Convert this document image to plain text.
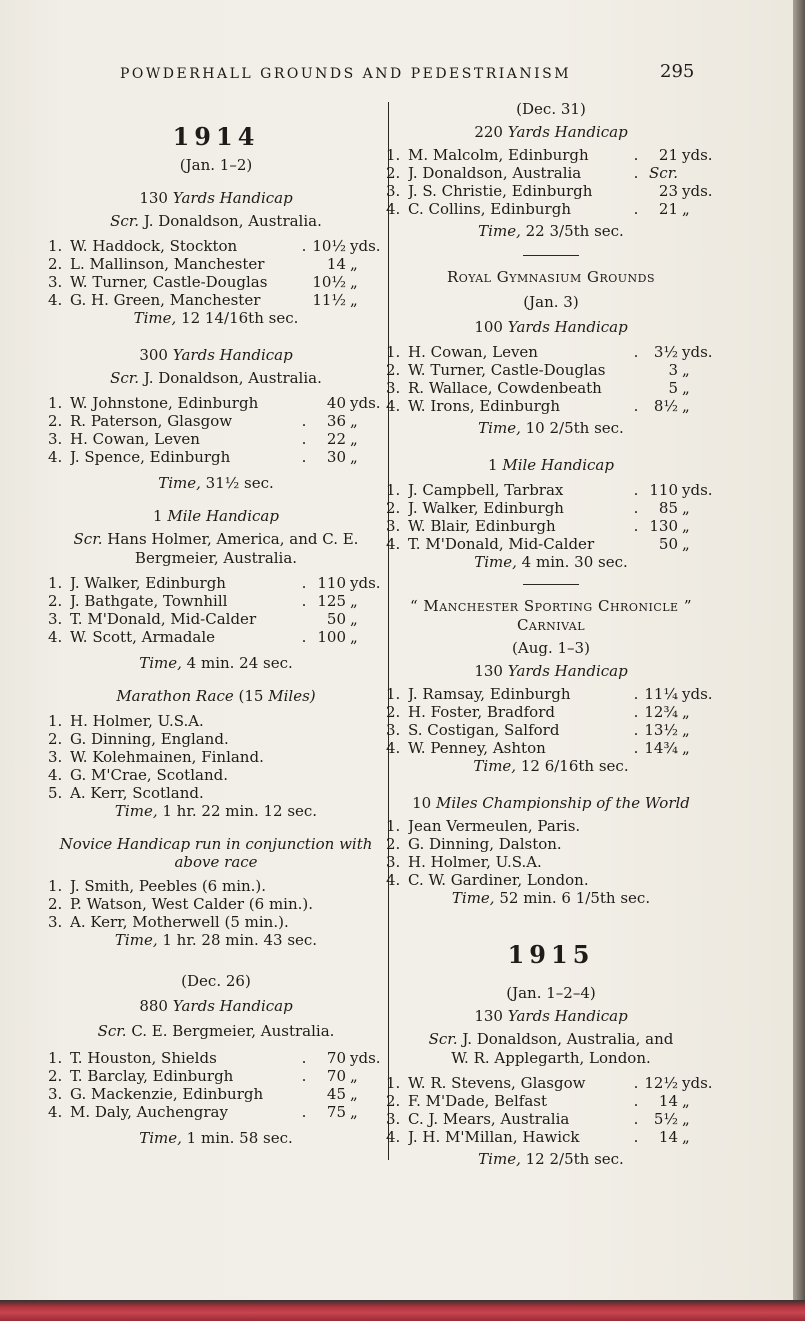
POWDERHALL GROUNDS AND PEDESTRIANISM	295
1914
(Jan. 1–2)
130 Yards Handicap
Scr. J. Donaldson, Australia.
1. W. Haddock, Stockton	. 10½ yds.
2. L. Mallinson, Manchester	14 „
3. W. Turner, Castle-Douglas	10½ „
4. G. H. Green, Manchester	11½ „
Time, 12 14/16th sec.
300 Yards Handicap
Scr. J. Donaldson, Australia.
1. W. Johnstone, Edinburgh	40 yds.
2. R. Paterson, Glasgow	.	36 „
3. H. Cowan, Leven	.	22 „
4. J. Spence, Edinburgh	.	30 „
Time, 31½ sec.
1 Mile Handicap
Scr. Hans Holmer, America, and C. E.
Bergmeier, Australia.
1. J. Walker, Edinburgh	. 110 yds.
2. J. Bathgate, Townhill	. 125 „
3. T. M'Donald, Mid-Calder	50 „
4. W. Scott, Armadale	. 100 „
Time, 4 min. 24 sec.
Marathon Race (15 Miles)
1. H. Holmer, U.S.A.
2. G. Dinning, England.
3. W. Kolehmainen, Finland.
4. G. M'Crae, Scotland.
5. A. Kerr, Scotland.
Time, 1 hr. 22 min. 12 sec.
Novice Handicap run in conjunction with
above race
1. J. Smith, Peebles (6 min.).
2. P. Watson, West Calder (6 min.).
3. A. Kerr, Motherwell (5 min.).
Time, 1 hr. 28 min. 43 sec.
(Dec. 26)
880 Yards Handicap
Scr. C. E. Bergmeier, Australia.
1. T. Houston, Shields	.	70 yds.
2. T. Barclay, Edinburgh	.	70 „
3. G. Mackenzie, Edinburgh	45 „
4. M. Daly, Auchengray	.	75 „
Time, 1 min. 58 sec.
(Dec. 31)
220 Yards Handicap
1. M. Malcolm, Edinburgh	.	21 yds.
2. J. Donaldson, Australia	. Scr.
3. J. S. Christie, Edinburgh	23 yds.
4. C. Collins, Edinburgh	.	21 „
Time, 22 3/5th sec.
Royal Gymnasium Grounds
(Jan. 3)
100 Yards Handicap
1. H. Cowan, Leven	.	3½ yds.
2. W. Turner, Castle-Douglas	3 „
3. R. Wallace, Cowdenbeath	5 „
4. W. Irons, Edinburgh	.	8½ „
Time, 10 2/5th sec.
1 Mile Handicap
1. J. Campbell, Tarbrax	. 110 yds.
2. J. Walker, Edinburgh	.	85 „
3. W. Blair, Edinburgh	. 130 „
4. T. M'Donald, Mid-Calder	50 „
Time, 4 min. 30 sec.
“ Manchester Sporting Chronicle ”
Carnival
(Aug. 1–3)
130 Yards Handicap
1. J. Ramsay, Edinburgh	. 11¼ yds.
2. H. Foster, Bradford	. 12¾ „
3. S. Costigan, Salford	. 13½ „
4. W. Penney, Ashton	. 14¾ „
Time, 12 6/16th sec.
10 Miles Championship of the World
1. Jean Vermeulen, Paris.
2. G. Dinning, Dalston.
3. H. Holmer, U.S.A.
4. C. W. Gardiner, London.
Time, 52 min. 6 1/5th sec.
1915
(Jan. 1–2–4)
130 Yards Handicap
Scr. J. Donaldson, Australia, and
W. R. Applegarth, London.
1. W. R. Stevens, Glasgow	. 12½ yds.
2. F. M'Dade, Belfast	.	14 „
3. C. J. Mears, Australia	.	5½ „
4. J. H. M'Millan, Hawick	.	14 „
Time, 12 2/5th sec.
